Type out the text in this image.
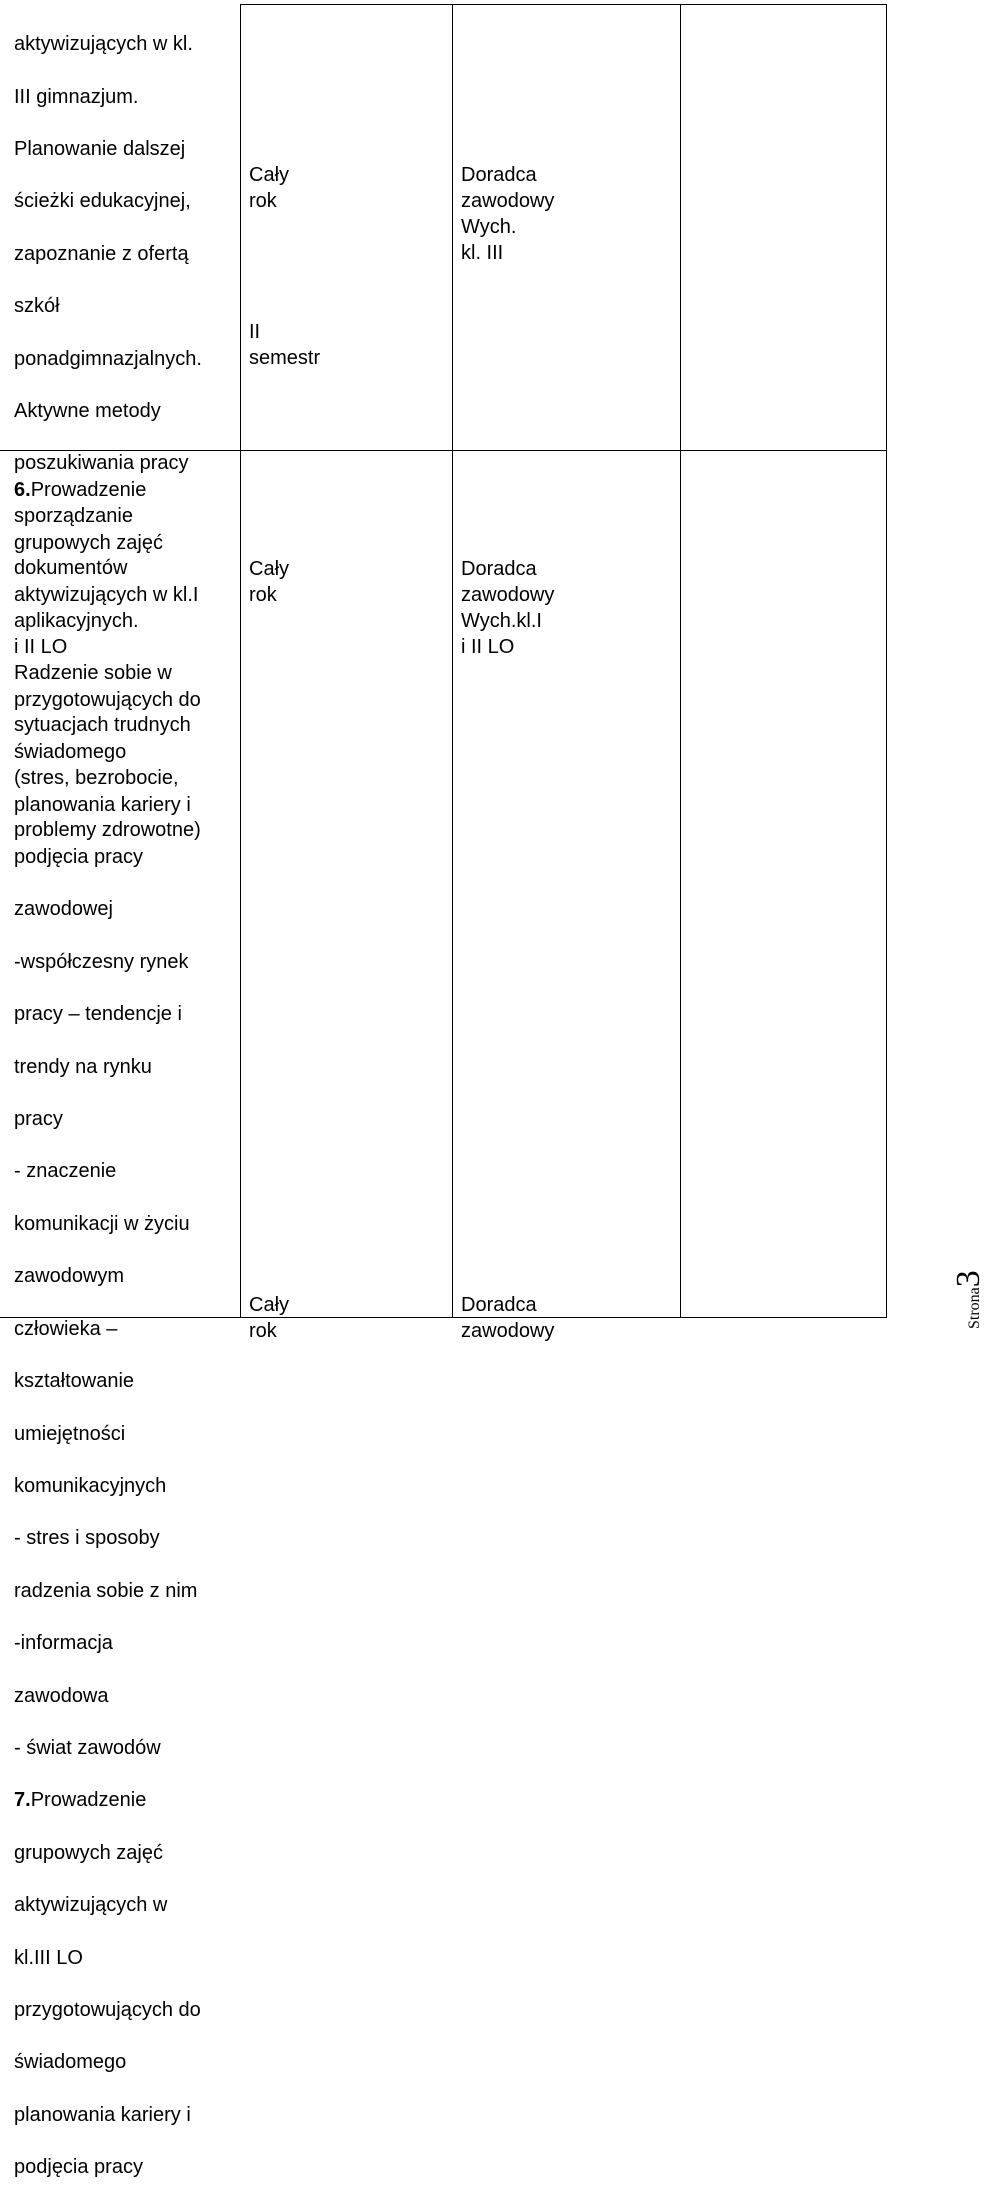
aktywizujących w kl.

III gimnazjum.

Planowanie dalszej

ścieżki edukacyjnej,

zapoznanie z ofertą

szkół

ponadgimnazjalnych.

Aktywne metody

poszukiwania pracy

sporządzanie

dokumentów

aplikacyjnych.

Radzenie sobie w

sytuacjach trudnych

(stres, bezrobocie,

problemy zdrowotne)

Cały rok
II semestr
Doradca zawodowy
Wych. kl. III

6.Prowadzenie

grupowych zajęć

aktywizujących w kl.I

i II LO

przygotowujących do

świadomego

planowania kariery i

podjęcia pracy

zawodowej

-współczesny rynek

pracy – tendencje i

trendy na rynku

pracy

- znaczenie

komunikacji w życiu

zawodowym

człowieka –

kształtowanie

umiejętności

komunikacyjnych

- stres i sposoby

radzenia sobie z nim

-informacja

zawodowa

- świat zawodów

7.Prowadzenie

grupowych zajęć

aktywizujących w

kl.III LO

przygotowujących do

świadomego

planowania kariery i

podjęcia pracy

Cały rok
Doradca zawodowy
Wych.kl.I i II LO
Cały rok
Doradca zawodowy
Strona3
